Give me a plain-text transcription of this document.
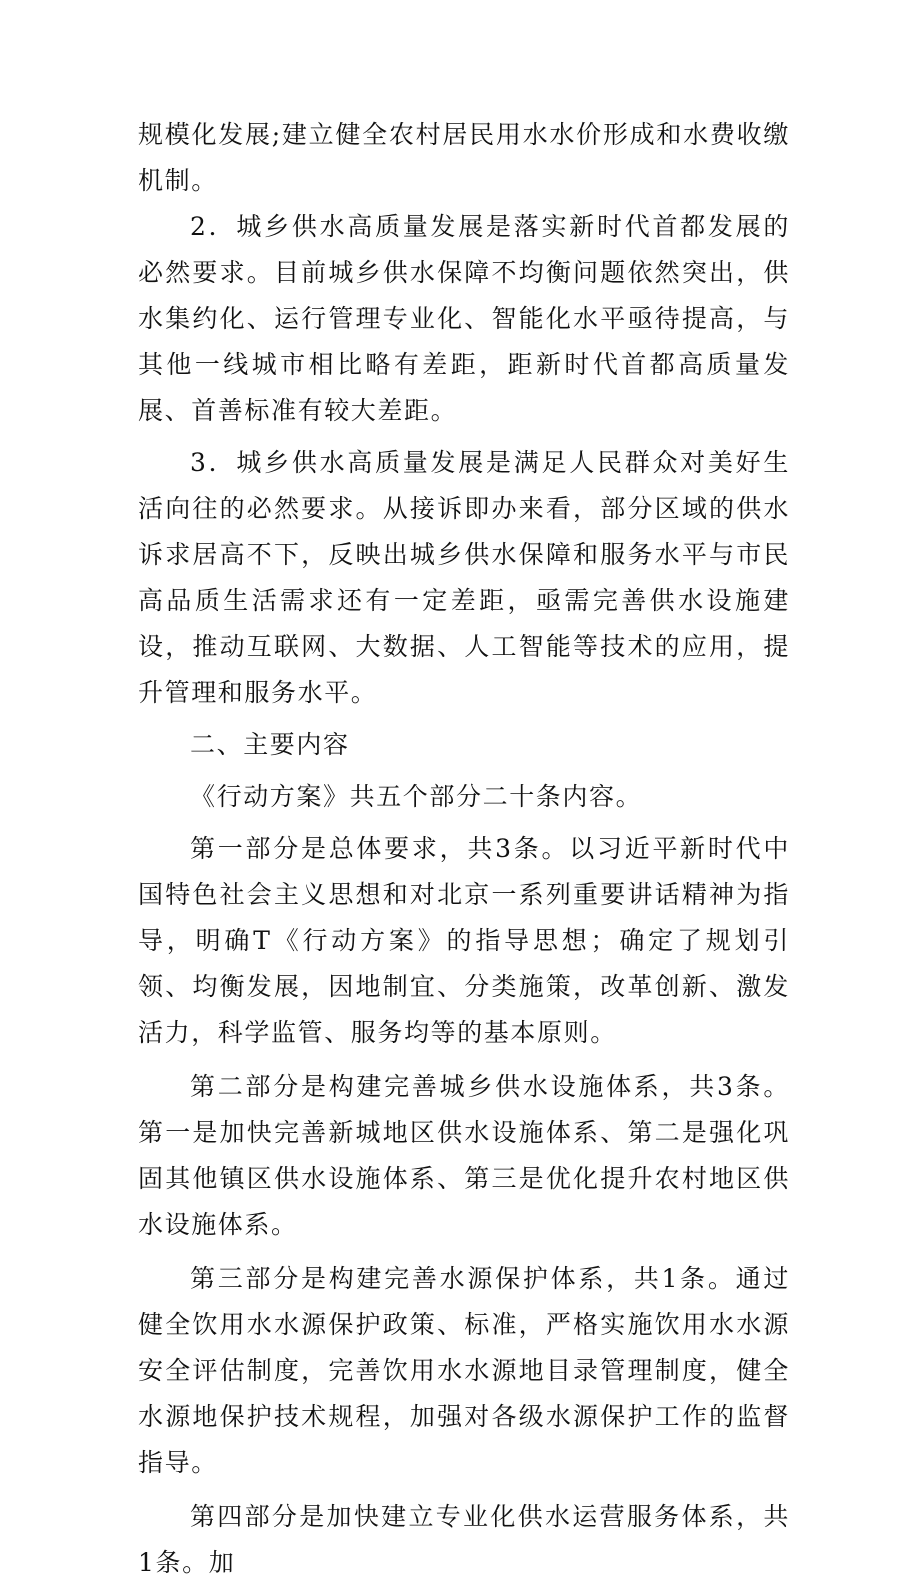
规模化发展;建立健全农村居民用水水价形成和水费收缴机制。

2．城乡供水高质量发展是落实新时代首都发展的必然要求。目前城乡供水保障不均衡问题依然突出，供水集约化、运行管理专业化、智能化水平亟待提高，与其他一线城市相比略有差距，距新时代首都高质量发展、首善标准有较大差距。

3．城乡供水高质量发展是满足人民群众对美好生活向往的必然要求。从接诉即办来看，部分区域的供水诉求居高不下，反映出城乡供水保障和服务水平与市民高品质生活需求还有一定差距，亟需完善供水设施建设，推动互联网、大数据、人工智能等技术的应用，提升管理和服务水平。

二、主要内容

《行动方案》共五个部分二十条内容。

第一部分是总体要求，共3条。以习近平新时代中国特色社会主义思想和对北京一系列重要讲话精神为指导，明确T《行动方案》的指导思想；确定了规划引领、均衡发展，因地制宜、分类施策，改革创新、激发活力，科学监管、服务均等的基本原则。

第二部分是构建完善城乡供水设施体系，共3条。第一是加快完善新城地区供水设施体系、第二是强化巩固其他镇区供水设施体系、第三是优化提升农村地区供水设施体系。

第三部分是构建完善水源保护体系，共1条。通过健全饮用水水源保护政策、标准，严格实施饮用水水源安全评估制度，完善饮用水水源地目录管理制度，健全水源地保护技术规程，加强对各级水源保护工作的监督指导。

第四部分是加快建立专业化供水运营服务体系，共1条。加
